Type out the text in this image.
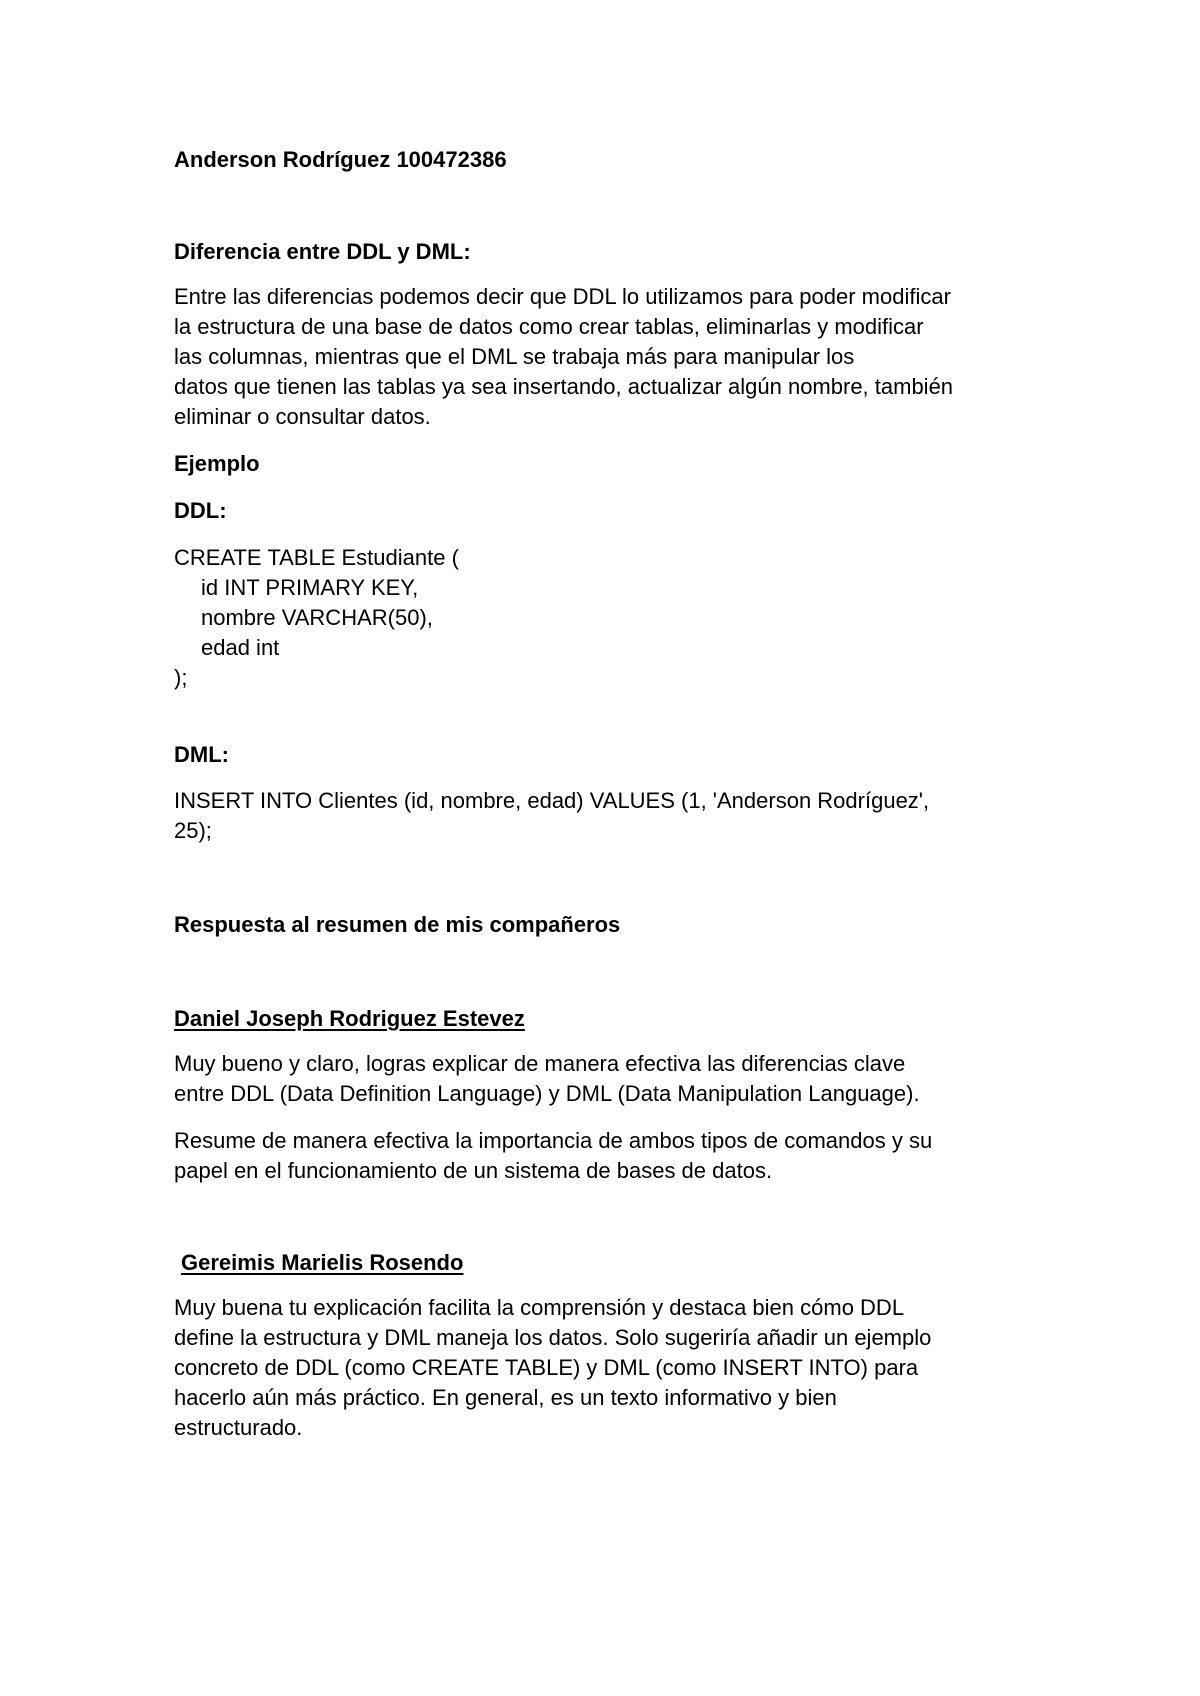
Anderson Rodríguez 100472386

Diferencia entre DDL y DML:

Entre las diferencias podemos decir que DDL lo utilizamos para poder modificar

la estructura de una base de datos como crear tablas, eliminarlas y modificar

las columnas, mientras que el DML se trabaja más para manipular los

datos que tienen las tablas ya sea insertando, actualizar algún nombre, también

eliminar o consultar datos.

Ejemplo

DDL:

CREATE TABLE Estudiante (

id INT PRIMARY KEY,

nombre VARCHAR(50),

edad int

);

DML:

INSERT INTO Clientes (id, nombre, edad) VALUES (1, 'Anderson Rodríguez',

25);

Respuesta al resumen de mis compañeros

Daniel Joseph Rodriguez Estevez

Muy bueno y claro, logras explicar de manera efectiva las diferencias clave

entre DDL (Data Definition Language) y DML (Data Manipulation Language).

Resume de manera efectiva la importancia de ambos tipos de comandos y su

papel en el funcionamiento de un sistema de bases de datos.

Gereimis Marielis Rosendo

Muy buena tu explicación facilita la comprensión y destaca bien cómo DDL

define la estructura y DML maneja los datos. Solo sugeriría añadir un ejemplo

concreto de DDL (como CREATE TABLE) y DML (como INSERT INTO) para

hacerlo aún más práctico. En general, es un texto informativo y bien

estructurado.
